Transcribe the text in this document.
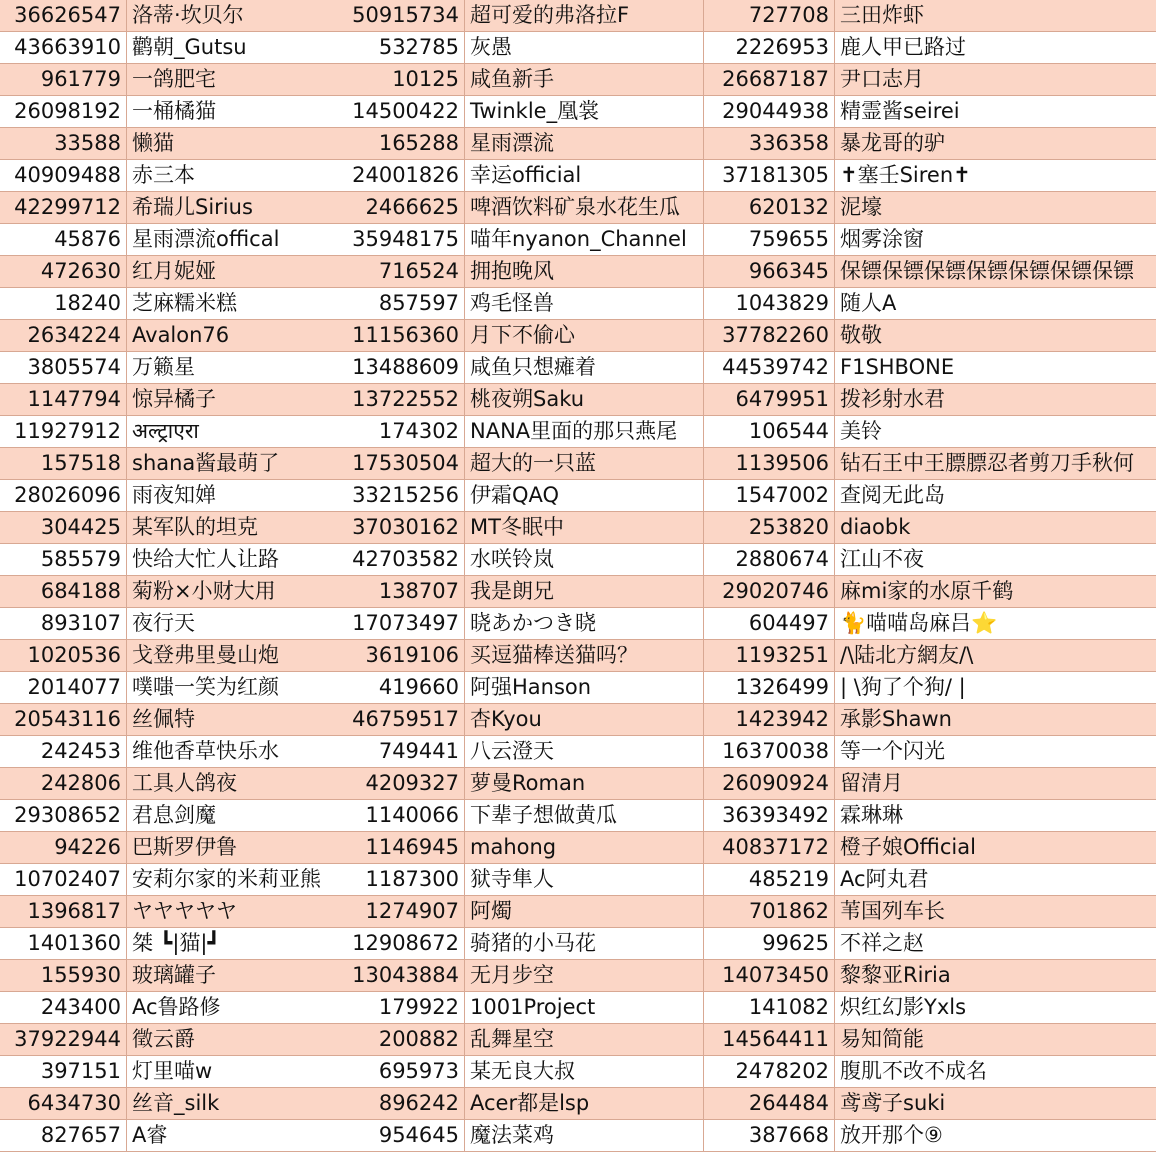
36626547 洛蒂·坎贝尔	50915734 超可爱的弗洛拉F	727708 三田炸虾
43663910 鹳朝_Gutsu	532785 灰愚	2226953 鹿人甲已路过
961779 一鸽肥宅	10125 咸鱼新手	26687187 尹口志月
26098192 一桶橘猫	14500422 Twinkle_凰裳	29044938 精霊酱seirei
33588 懒猫	165288 星雨漂流	336358 暴龙哥的驴
40909488 赤三本	24001826 幸运official	37181305 ✝塞壬Siren✝
42299712 希瑞儿Sirius	2466625 啤酒饮料矿泉水花生瓜	620132 泥壕
45876 星雨漂流offical	35948175 喵年nyanon_Channel	759655 烟雾涂窗
472630 红月妮娅	716524 拥抱晚风	966345 保镖保镖保镖保镖保镖保镖保镖
18240 芝麻糯米糕	857597 鸡毛怪兽	1043829 随人A
2634224 Avalon76	11156360 月下不偷心	37782260 敬敬
3805574 万籁星	13488609 咸鱼只想瘫着	44539742 F1SHBONE
1147794 惊异橘子	13722552 桃夜朔Saku	6479951 拨衫射水君
11927912 अल्ट्राएरा	174302 NANA里面的那只燕尾	106544 美铃
157518 shana酱最萌了	17530504 超大的一只蓝	1139506 钻石王中王膘膘忍者剪刀手秋何
28026096 雨夜知婵	33215256 伊霜QAQ	1547002 查阅无此岛
304425 某军队的坦克	37030162 MT冬眠中	253820 diaobk
585579 快给大忙人让路	42703582 水咲铃岚	2880674 江山不夜
684188 菊粉×小财大用	138707 我是朗兄	29020746 麻mi家的水原千鹤
893107 夜行天	17073497 晓あかつき晓	604497 🐈喵喵岛麻吕⭐
1020536 戈登弗里曼山炮	3619106 买逗猫棒送猫吗？	1193251 /\陆北方網友/\
2014077 噗嗤一笑为红颜	419660 阿强Hanson	1326499 | \狗了个狗/ |
20543116 丝佩特	46759517 杏Kyou	1423942 承影Shawn
242453 维他香草快乐水	749441 八云澄天	16370038 等一个闪光
242806 工具人鸽夜	4209327 萝曼Roman	26090924 留清月
29308652 君息剑魔	1140066 下辈子想做黄瓜	36393492 霖琳琳
94226 巴斯罗伊鲁	1146945 mahong	40837172 橙子娘Official
10702407 安莉尔家的米莉亚熊	1187300 狱寺隼人	485219 Ac阿丸君
1396817 ヤヤヤヤヤ	1274907 阿燭	701862 苇国列车长
1401360 桀 ┗|猫|┛	12908672 骑猪的小马花	99625 不祥之赵
155930 玻璃罐子	13043884 无月步空	14073450 黎黎亚Riria
243400 Ac鲁路修	179922 1001Project	141082 炽红幻影Yxls
37922944 徵云爵	200882 乱舞星空	14564411 易知简能
397151 灯里喵w	695973 某无良大叔	2478202 腹肌不改不成名
6434730 丝音_silk	896242 Acer都是lsp	264484 鸢鸢子suki
827657 A睿	954645 魔法菜鸡	387668 放开那个⑨
